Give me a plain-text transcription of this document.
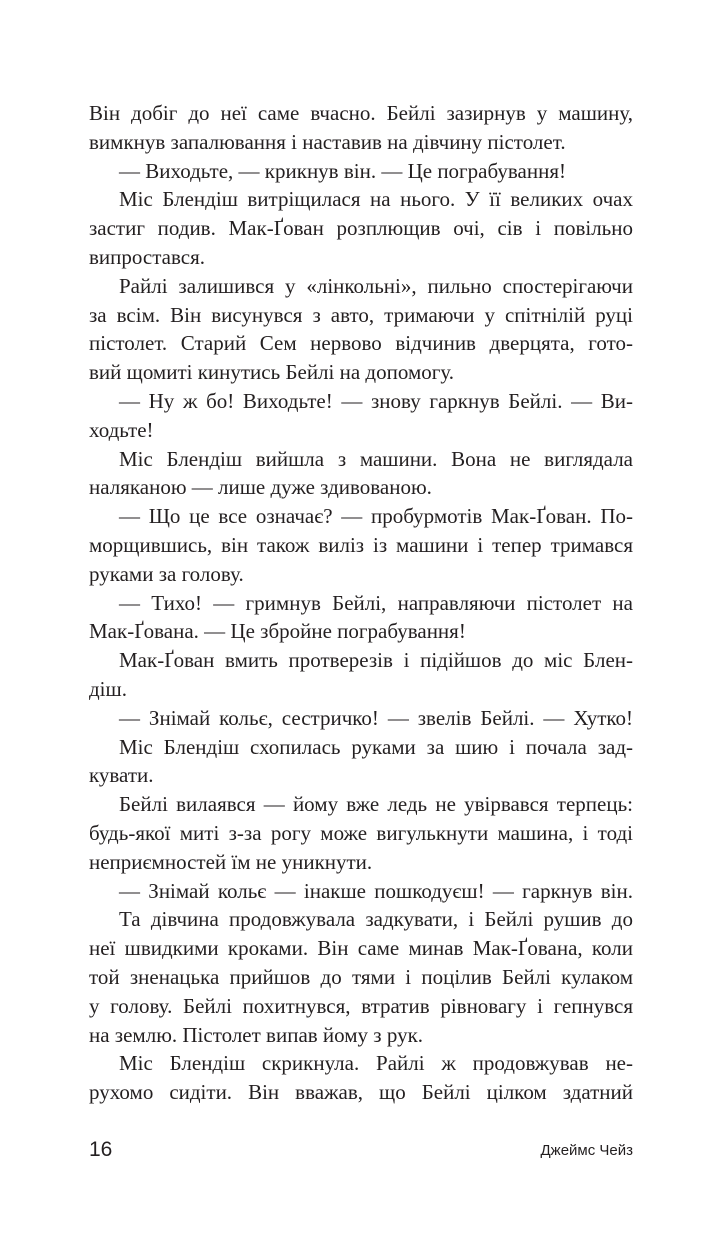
Він добіг до неї саме вчасно. Бейлі зазирнув у машину,
вимкнув запалювання і наставив на дівчину пістолет.
— Виходьте, — крикнув він. — Це пограбування!
Міс Блендіш витріщилася на нього. У її великих очах
застиг подив. Мак-Ґован розплющив очі, сів і повільно
випростався.
Райлі залишився у «лінкольні», пильно спостерігаючи
за всім. Він висунувся з авто, тримаючи у спітнілій руці
пістолет. Старий Сем нервово відчинив дверцята, гото-
вий щомиті кинутись Бейлі на допомогу.
— Ну ж бо! Виходьте! — знову гаркнув Бейлі. — Ви-
ходьте!
Міс Блендіш вийшла з машини. Вона не виглядала
наляканою — лише дуже здивованою.
— Що це все означає? — пробурмотів Мак-Ґован. По-
морщившись, він також виліз із машини і тепер тримався
руками за голову.
— Тихо! — гримнув Бейлі, направляючи пістолет на
Мак-Ґована. — Це збройне пограбування!
Мак-Ґован вмить протверезів і підійшов до міс Блен-
діш.
— Знімай кольє, сестричко! — звелів Бейлі. — Хутко!
Міс Блендіш схопилась руками за шию і почала зад-
кувати.
Бейлі вилаявся — йому вже ледь не увірвався терпець:
будь-якої миті з-за рогу може вигулькнути машина, і тоді
неприємностей їм не уникнути.
— Знімай кольє — інакше пошкодуєш! — гаркнув він.
Та дівчина продовжувала задкувати, і Бейлі рушив до
неї швидкими кроками. Він саме минав Мак-Ґована, коли
той зненацька прийшов до тями і поцілив Бейлі кулаком
у голову. Бейлі похитнувся, втратив рівновагу і гепнувся
на землю. Пістолет випав йому з рук.
Міс Блендіш скрикнула. Райлі ж продовжував не-
рухомо сидіти. Він вважав, що Бейлі цілком здатний
16	Джеймс Чейз
